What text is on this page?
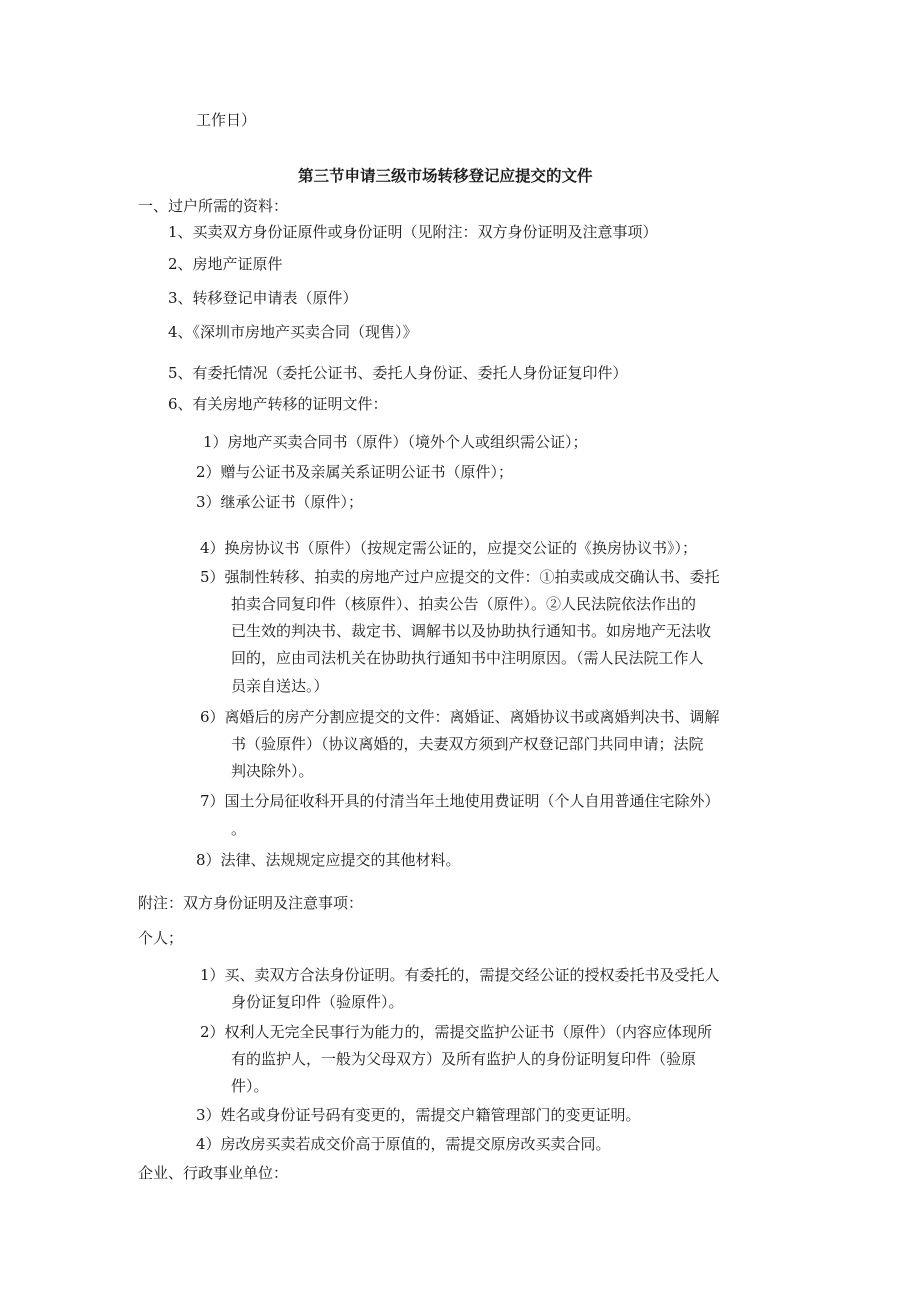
工作日）
第三节申请三级市场转移登记应提交的文件
一、过户所需的资料：
1、买卖双方身份证原件或身份证明（见附注：双方身份证明及注意事项）
2、房地产证原件
3、转移登记申请表（原件）
4、《深圳市房地产买卖合同（现售）》
5、有委托情况（委托公证书、委托人身份证、委托人身份证复印件）
6、有关房地产转移的证明文件：
1）房地产买卖合同书（原件）（境外个人或组织需公证）；
2）赠与公证书及亲属关系证明公证书（原件）；
3）继承公证书（原件）；
4）换房协议书（原件）（按规定需公证的，应提交公证的《换房协议书》）；
5）强制性转移、拍卖的房地产过户应提交的文件：①拍卖或成交确认书、委托
拍卖合同复印件（核原件）、拍卖公告（原件）。②人民法院依法作出的
已生效的判决书、裁定书、调解书以及协助执行通知书。如房地产无法收
回的，应由司法机关在协助执行通知书中注明原因。（需人民法院工作人
员亲自送达。）
6）离婚后的房产分割应提交的文件：离婚证、离婚协议书或离婚判决书、调解
书（验原件）（协议离婚的，夫妻双方须到产权登记部门共同申请；法院
判决除外）。
7）国土分局征收科开具的付清当年土地使用费证明（个人自用普通住宅除外）
。
8）法律、法规规定应提交的其他材料。
附注：双方身份证明及注意事项：
个人；
1）买、卖双方合法身份证明。有委托的，需提交经公证的授权委托书及受托人
身份证复印件（验原件）。
2）权利人无完全民事行为能力的，需提交监护公证书（原件）（内容应体现所
有的监护人，一般为父母双方）及所有监护人的身份证明复印件（验原
件）。
3）姓名或身份证号码有变更的，需提交户籍管理部门的变更证明。
4）房改房买卖若成交价高于原值的，需提交原房改买卖合同。
企业、行政事业单位：
